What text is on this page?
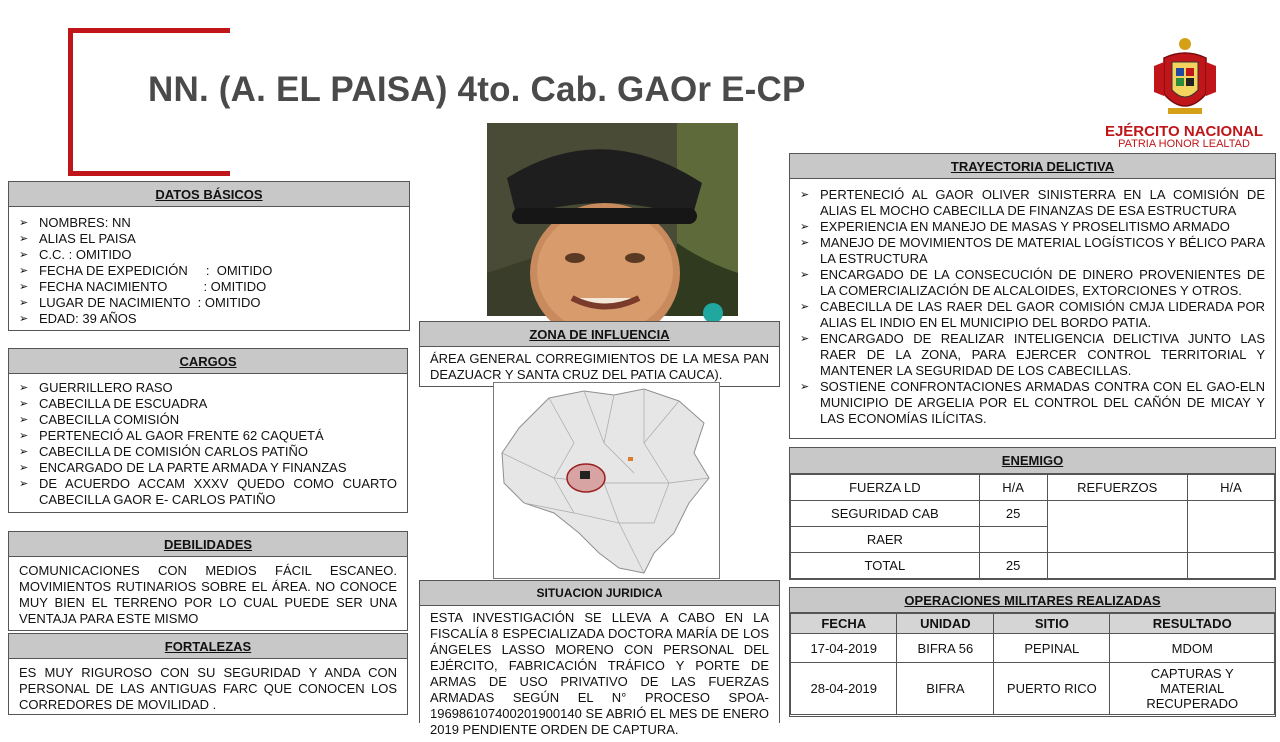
NN. (A. EL PAISA) 4to. Cab. GAOr E-CP
EJÉRCITO NACIONAL
PATRIA HONOR LEALTAD
DATOS BÁSICOS
➢ NOMBRES: NN
➢ ALIAS EL PAISA
➢ C.C. : OMITIDO
➢ FECHA DE EXPEDICIÓN     :  OMITIDO
➢ FECHA NACIMIENTO          : OMITIDO
➢ LUGAR DE NACIMIENTO  : OMITIDO
➢ EDAD: 39 AÑOS
CARGOS
➢ GUERRILLERO RASO
➢ CABECILLA DE ESCUADRA
➢ CABECILLA COMISIÓN
➢ PERTENECIÓ AL GAOR FRENTE 62 CAQUETÁ
➢ CABECILLA DE COMISIÓN CARLOS PATIÑO
➢ ENCARGADO DE LA PARTE ARMADA Y FINANZAS
➢ DE ACUERDO ACCAM XXXV QUEDO COMO CUARTO CABECILLA GAOR E- CARLOS PATIÑO
DEBILIDADES
COMUNICACIONES CON MEDIOS FÁCIL ESCANEO. MOVIMIENTOS RUTINARIOS SOBRE EL ÁREA. NO CONOCE MUY BIEN EL TERRENO POR LO CUAL PUEDE SER UNA VENTAJA PARA ESTE MISMO
FORTALEZAS
ES MUY RIGUROSO CON SU SEGURIDAD Y ANDA CON PERSONAL DE LAS ANTIGUAS FARC QUE CONOCEN LOS CORREDORES DE MOVILIDAD .
ZONA DE INFLUENCIA
ÁREA GENERAL CORREGIMIENTOS DE LA MESA PAN DEAZUACR Y SANTA CRUZ DEL PATIA CAUCA).
SITUACION JURIDICA
ESTA INVESTIGACIÓN SE LLEVA A CABO EN LA FISCALÍA 8 ESPECIALIZADA DOCTORA MARÍA DE LOS ÁNGELES LASSO MORENO CON PERSONAL DEL EJÉRCITO, FABRICACIÓN TRÁFICO Y PORTE DE ARMAS DE USO PRIVATIVO DE LAS FUERZAS ARMADAS SEGÚN EL N° PROCESO SPOA-196986107400201900140 SE ABRIÓ EL MES DE ENERO 2019 PENDIENTE ORDEN DE CAPTURA.
TRAYECTORIA DELICTIVA
➢ PERTENECIÓ AL GAOR OLIVER SINISTERRA EN LA COMISIÓN DE ALIAS EL MOCHO CABECILLA DE FINANZAS DE ESA ESTRUCTURA
➢ EXPERIENCIA EN MANEJO DE MASAS Y PROSELITISMO ARMADO
➢ MANEJO DE MOVIMIENTOS DE MATERIAL LOGÍSTICOS Y BÉLICO PARA LA ESTRUCTURA
➢ ENCARGADO DE LA CONSECUCIÓN DE DINERO PROVENIENTES DE LA COMERCIALIZACIÓN DE ALCALOIDES, EXTORCIONES Y OTROS.
➢ CABECILLA DE LAS RAER DEL GAOR COMISIÓN CMJA LIDERADA POR ALIAS EL INDIO EN EL MUNICIPIO DEL BORDO PATIA.
➢ ENCARGADO DE REALIZAR INTELIGENCIA DELICTIVA JUNTO LAS RAER DE LA ZONA, PARA EJERCER CONTROL TERRITORIAL Y MANTENER LA SEGURIDAD DE LOS CABECILLAS.
➢ SOSTIENE CONFRONTACIONES ARMADAS CONTRA CON EL GAO-ELN MUNICIPIO DE ARGELIA POR EL CONTROL DEL CAÑÓN DE MICAY Y LAS ECONOMÍAS ILÍCITAS.
ENEMIGO
FUERZA LD	H/A	REFUERZOS	H/A
SEGURIDAD CAB	25		
RAER			
TOTAL	25		
OPERACIONES MILITARES REALIZADAS
FECHA	UNIDAD	SITIO	RESULTADO
17-04-2019	BIFRA 56	PEPINAL	MDOM
28-04-2019	BIFRA	PUERTO RICO	CAPTURAS Y MATERIAL RECUPERADO
